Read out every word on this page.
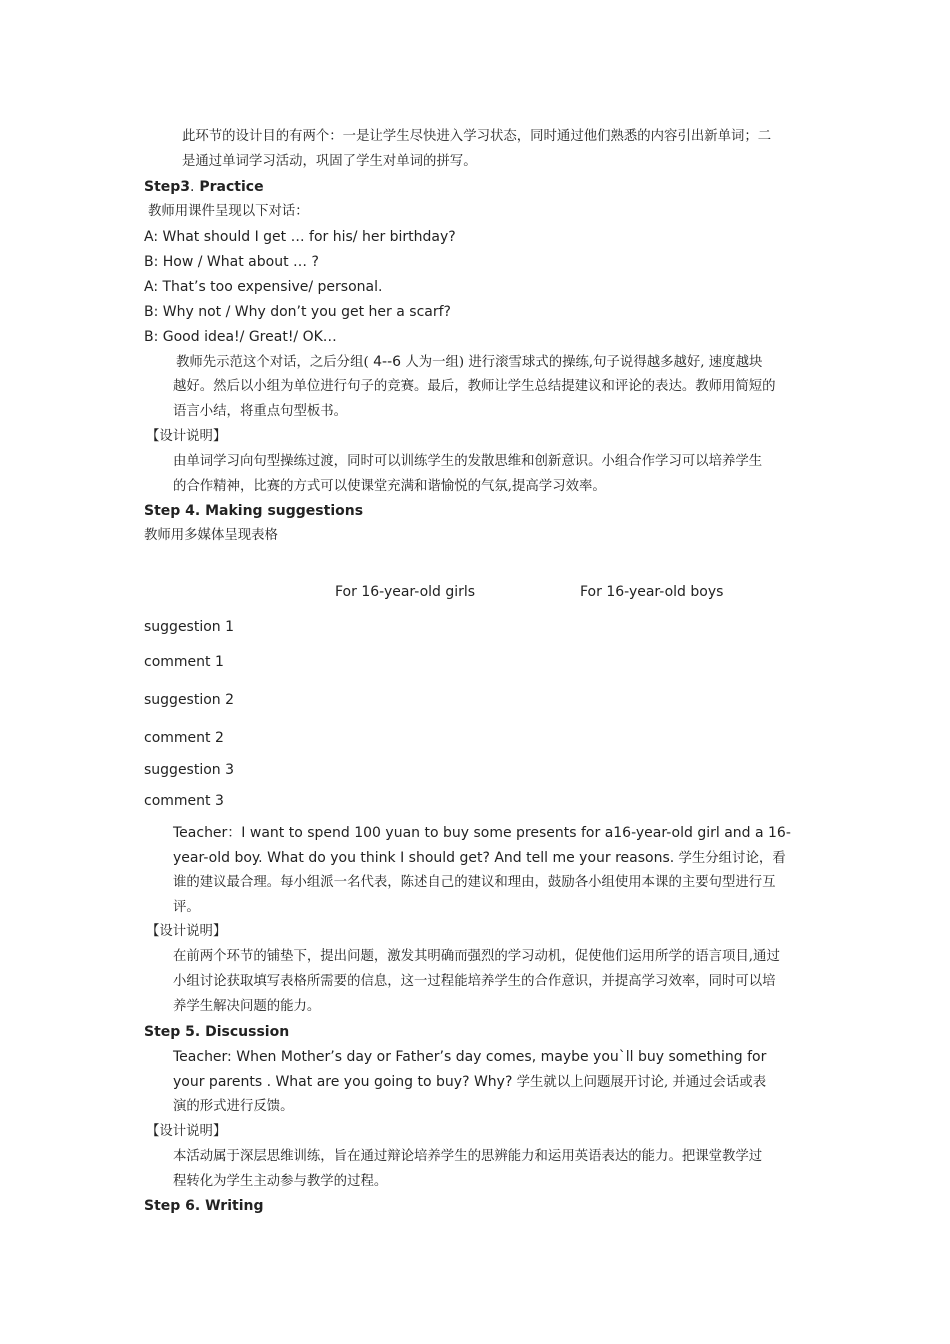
此环节的设计目的有两个：一是让学生尽快进入学习状态，同时通过他们熟悉的内容引出新单词；二
是通过单词学习活动，巩固了学生对单词的拼写。
Step3. Practice
教师用课件呈现以下对话：
A: What should I get … for his/ her birthday?
B: How / What about … ?
A: That’s too expensive/ personal.
B: Why not / Why don’t you get her a scarf?
B: Good idea!/ Great!/ OK…
教师先示范这个对话，之后分组( 4--6 人为一组) 进行滚雪球式的操练,句子说得越多越好, 速度越块
越好。然后以小组为单位进行句子的竞赛。最后，教师让学生总结提建议和评论的表达。教师用简短的
语言小结，将重点句型板书。
【设计说明】
由单词学习向句型操练过渡，同时可以训练学生的发散思维和创新意识。小组合作学习可以培养学生
的合作精神，比赛的方式可以使课堂充满和谐愉悦的气氛,提高学习效率。
Step 4. Making suggestions
教师用多媒体呈现表格
For 16-year-old girls	For 16-year-old boys
suggestion 1
comment 1
suggestion 2
comment 2
suggestion 3
comment 3
Teacher：I want to spend 100 yuan to buy some presents for a16-year-old girl and a 16-
year-old boy. What do you think I should get? And tell me your reasons. 学生分组讨论，看
谁的建议最合理。每小组派一名代表，陈述自己的建议和理由，鼓励各小组使用本课的主要句型进行互
评。
【设计说明】
在前两个环节的铺垫下，提出问题，激发其明确而强烈的学习动机，促使他们运用所学的语言项目,通过
小组讨论获取填写表格所需要的信息，这一过程能培养学生的合作意识，并提高学习效率，同时可以培
养学生解决问题的能力。
Step 5. Discussion
Teacher: When Mother’s day or Father’s day comes, maybe you`ll buy something for
your parents . What are you going to buy? Why? 学生就以上问题展开讨论, 并通过会话或表
演的形式进行反馈。
【设计说明】
本活动属于深层思维训练，旨在通过辩论培养学生的思辨能力和运用英语表达的能力。把课堂教学过
程转化为学生主动参与教学的过程。
Step 6. Writing
